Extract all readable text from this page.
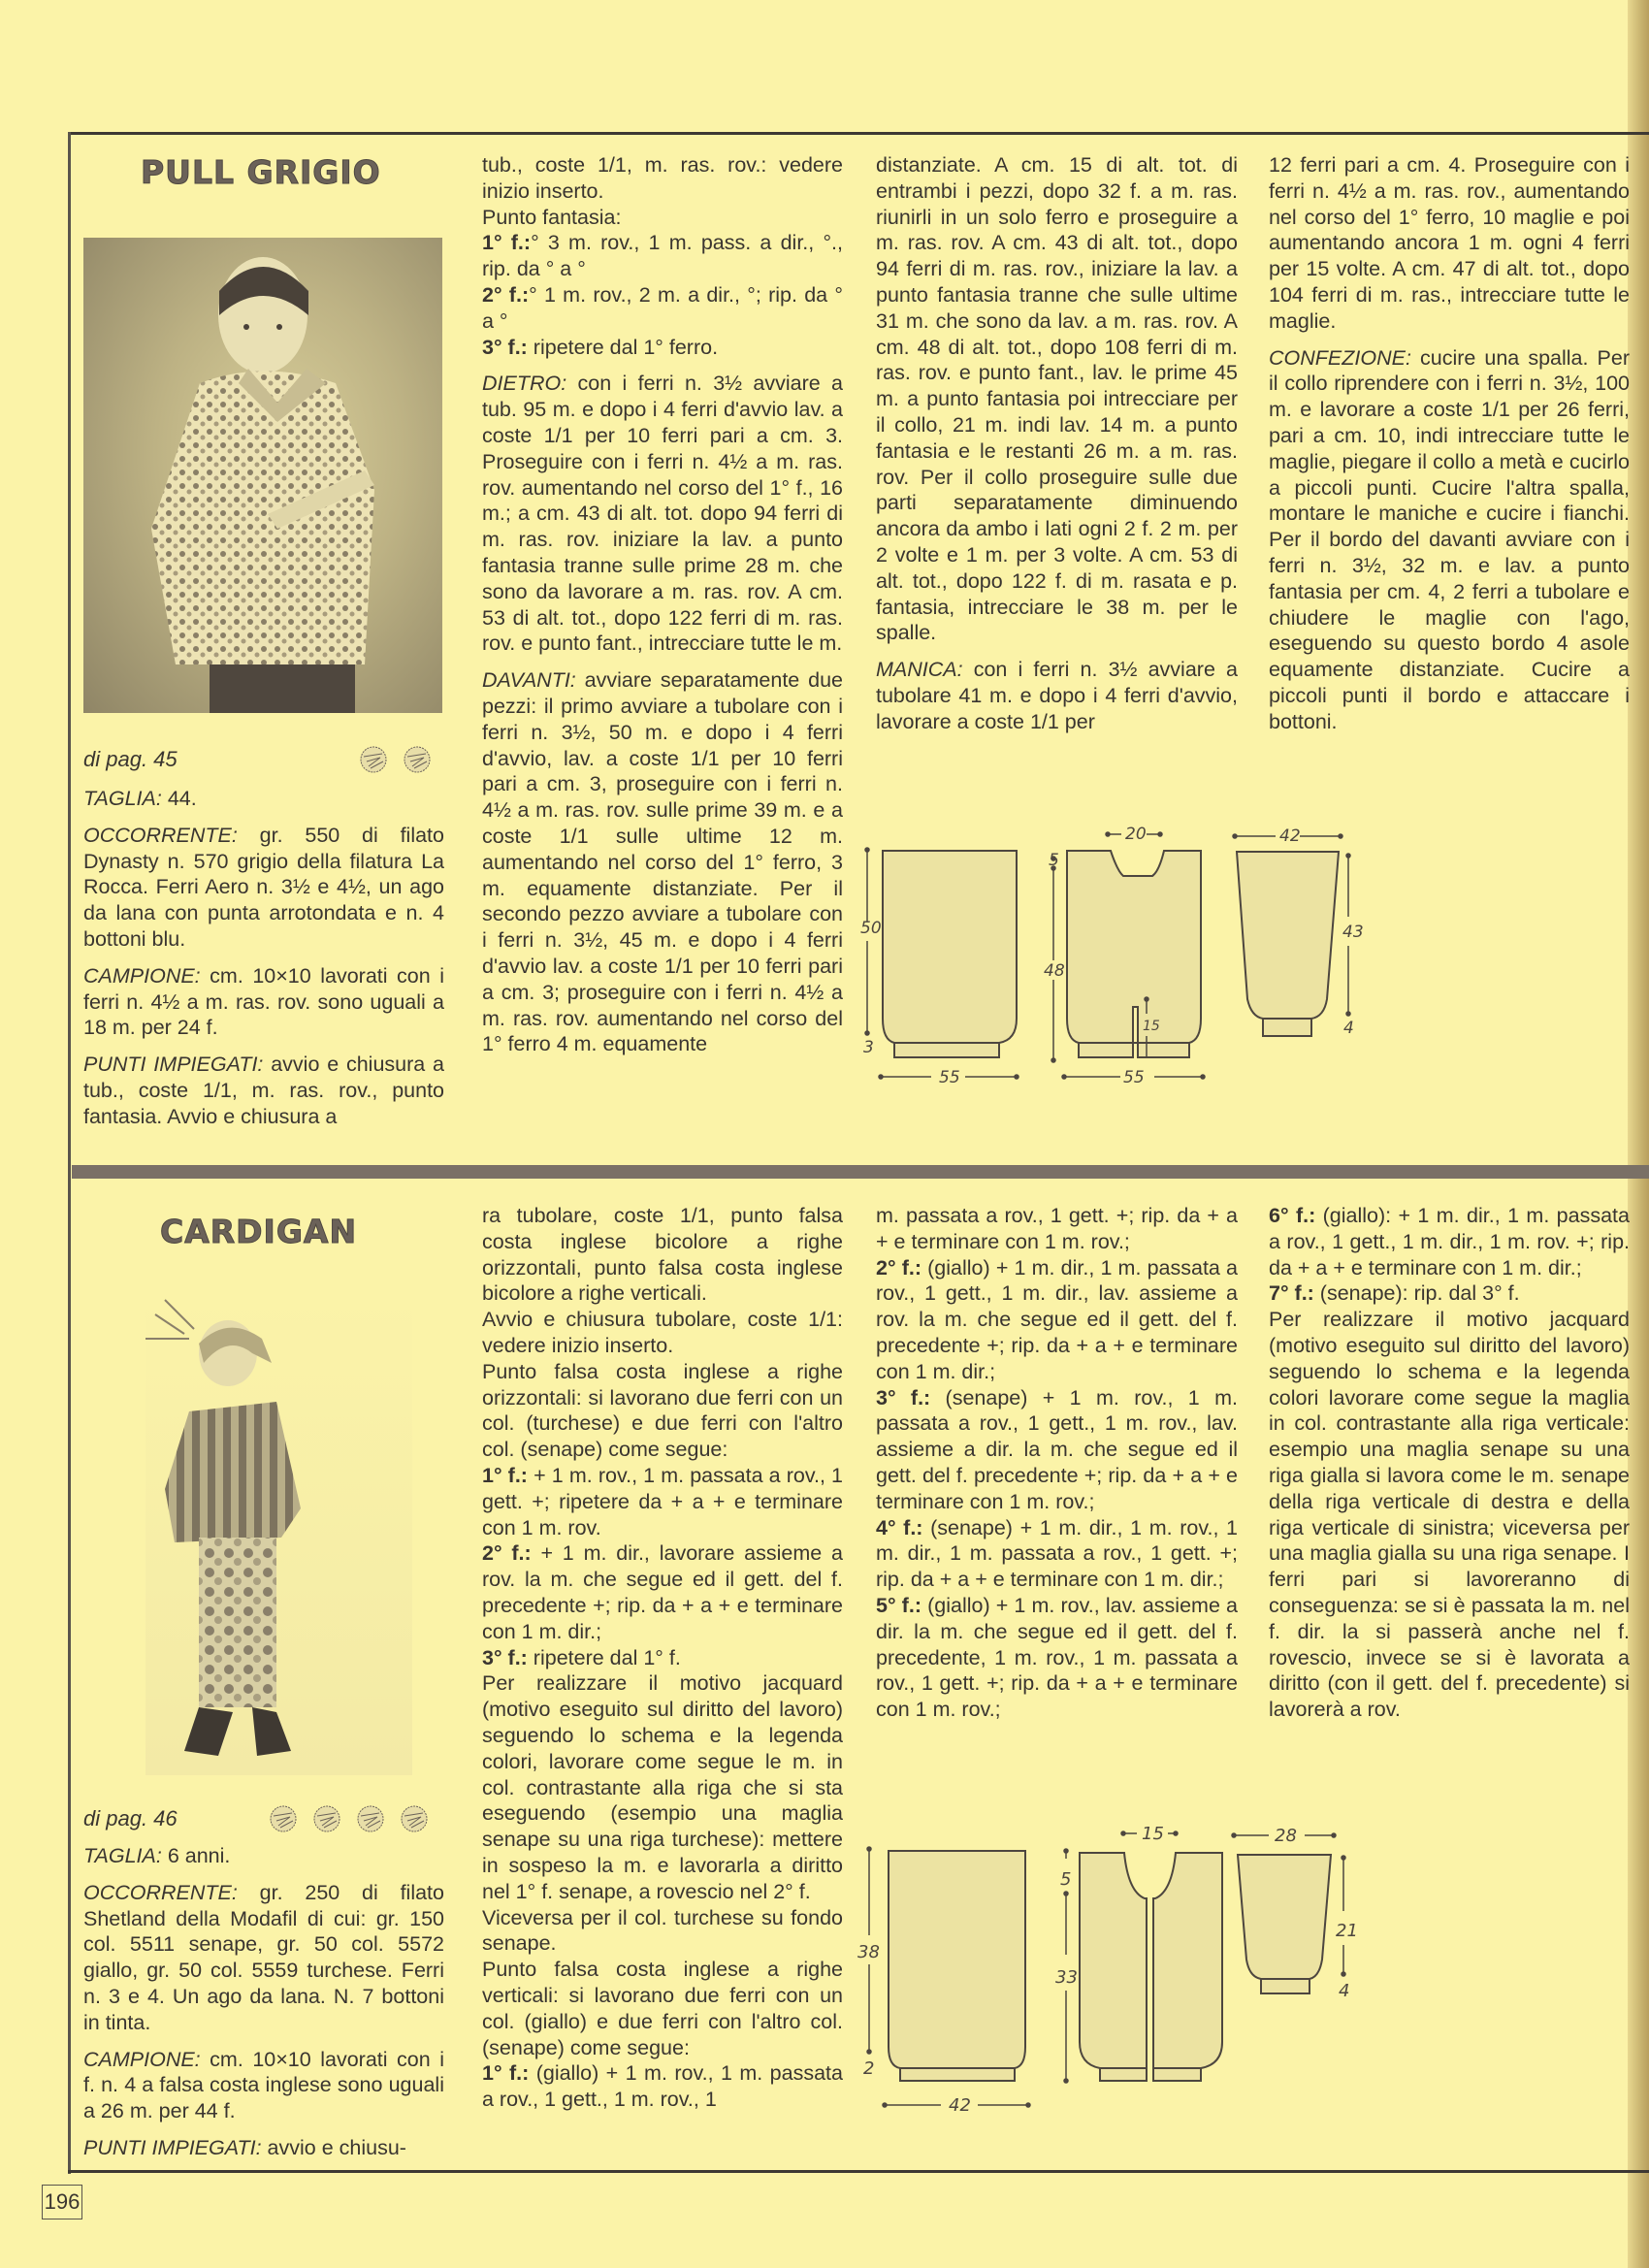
PULL GRIGIO
di pag. 45

TAGLIA: 44.

OCCORRENTE: gr. 550 di filato Dynasty n. 570 grigio della filatura La Rocca. Ferri Aero n. 3½ e 4½, un ago da lana con punta arrotondata e n. 4 bottoni blu.

CAMPIONE: cm. 10×10 lavorati con i ferri n. 4½ a m. ras. rov. sono uguali a 18 m. per 24 f.

PUNTI IMPIEGATI: avvio e chiusura a tub., coste 1/1, m. ras. rov., punto fantasia. Avvio e chiusura a

tub., coste 1/1, m. ras. rov.: vedere inizio inserto.

Punto fantasia:

1° f.:° 3 m. rov., 1 m. pass. a dir., °., rip. da ° a °

2° f.:° 1 m. rov., 2 m. a dir., °; rip. da ° a °

3° f.: ripetere dal 1° ferro.

DIETRO: con i ferri n. 3½ avviare a tub. 95 m. e dopo i 4 ferri d'avvio lav. a coste 1/1 per 10 ferri pari a cm. 3. Proseguire con i ferri n. 4½ a m. ras. rov. aumentando nel corso del 1° f., 16 m.; a cm. 43 di alt. tot. dopo 94 ferri di m. ras. rov. iniziare la lav. a punto fantasia tranne sulle prime 28 m. che sono da lavorare a m. ras. rov. A cm. 53 di alt. tot., dopo 122 ferri di m. ras. rov. e punto fant., intrecciare tutte le m.

DAVANTI: avviare separatamente due pezzi: il primo avviare a tubolare con i ferri n. 3½, 50 m. e dopo i 4 ferri d'avvio, lav. a coste 1/1 per 10 ferri pari a cm. 3, proseguire con i ferri n. 4½ a m. ras. rov. sulle prime 39 m. e a coste 1/1 sulle ultime 12 m. aumentando nel corso del 1° ferro, 3 m. equamente distanziate. Per il secondo pezzo avviare a tubolare con i ferri n. 3½, 45 m. e dopo i 4 ferri d'avvio lav. a coste 1/1 per 10 ferri pari a cm. 3; proseguire con i ferri n. 4½ a m. ras. rov. aumentando nel corso del 1° ferro 4 m. equamente

distanziate. A cm. 15 di alt. tot. di entrambi i pezzi, dopo 32 f. a m. ras. riunirli in un solo ferro e proseguire a m. ras. rov. A cm. 43 di alt. tot., dopo 94 ferri di m. ras. rov., iniziare la lav. a punto fantasia tranne che sulle ultime 31 m. che sono da lav. a m. ras. rov. A cm. 48 di alt. tot., dopo 108 ferri di m. ras. rov. e punto fant., lav. le prime 45 m. a punto fantasia poi intrecciare per il collo, 21 m. indi lav. 14 m. a punto fantasia e le restanti 26 m. a m. ras. rov. Per il collo proseguire sulle due parti separatamente diminuendo ancora da ambo i lati ogni 2 f. 2 m. per 2 volte e 1 m. per 3 volte. A cm. 53 di alt. tot., dopo 122 f. di m. rasata e p. fantasia, intrecciare le 38 m. per le spalle.

MANICA: con i ferri n. 3½ avviare a tubolare 41 m. e dopo i 4 ferri d'avvio, lavorare a coste 1/1 per

12 ferri pari a cm. 4. Proseguire con i ferri n. 4½ a m. ras. rov., aumentando nel corso del 1° ferro, 10 maglie e poi aumentando ancora 1 m. ogni 4 ferri per 15 volte. A cm. 47 di alt. tot., dopo 104 ferri di m. ras., intrecciare tutte le maglie.

CONFEZIONE: cucire una spalla. Per il collo riprendere con i ferri n. 3½, 100 m. e lavorare a coste 1/1 per 26 ferri, pari a cm. 10, indi intrecciare tutte le maglie, piegare il collo a metà e cucirlo a piccoli punti. Cucire l'altra spalla, montare le maniche e cucire i fianchi. Per il bordo del davanti avviare con i ferri n. 3½, 32 m. e lav. a punto fantasia per cm. 4, 2 ferri a tubolare e chiudere le maglie con l'ago, eseguendo su questo bordo 4 asole equamente distanziate. Cucire a piccoli punti il bordo e attaccare i bottoni.

50
3
55
20
5
48
15
55
42
43
4
CARDIGAN
di pag. 46

TAGLIA: 6 anni.

OCCORRENTE: gr. 250 di filato Shetland della Modafil di cui: gr. 150 col. 5511 senape, gr. 50 col. 5572 giallo, gr. 50 col. 5559 turchese. Ferri n. 3 e 4. Un ago da lana. N. 7 bottoni in tinta.

CAMPIONE: cm. 10×10 lavorati con i f. n. 4 a falsa costa inglese sono uguali a 26 m. per 44 f.

PUNTI IMPIEGATI: avvio e chiusu-

ra tubolare, coste 1/1, punto falsa costa inglese bicolore a righe orizzontali, punto falsa costa inglese bicolore a righe verticali.

Avvio e chiusura tubolare, coste 1/1: vedere inizio inserto.

Punto falsa costa inglese a righe orizzontali: si lavorano due ferri con un col. (turchese) e due ferri con l'altro col. (senape) come segue:

1° f.: + 1 m. rov., 1 m. passata a rov., 1 gett. +; ripetere da + a + e terminare con 1 m. rov.

2° f.: + 1 m. dir., lavorare assieme a rov. la m. che segue ed il gett. del f. precedente +; rip. da + a + e terminare con 1 m. dir.;

3° f.: ripetere dal 1° f.

Per realizzare il motivo jacquard (motivo eseguito sul diritto del lavoro) seguendo lo schema e la legenda colori, lavorare come segue le m. in col. contrastante alla riga che si sta eseguendo (esempio una maglia senape su una riga turchese): mettere in sospeso la m. e lavorarla a diritto nel 1° f. senape, a rovescio nel 2° f.

Viceversa per il col. turchese su fondo senape.

Punto falsa costa inglese a righe verticali: si lavorano due ferri con un col. (giallo) e due ferri con l'altro col. (senape) come segue:

1° f.: (giallo) + 1 m. rov., 1 m. passata a rov., 1 gett., 1 m. rov., 1

m. passata a rov., 1 gett. +; rip. da + a + e terminare con 1 m. rov.;

2° f.: (giallo) + 1 m. dir., 1 m. passata a rov., 1 gett., 1 m. dir., lav. assieme a rov. la m. che segue ed il gett. del f. precedente +; rip. da + a + e terminare con 1 m. dir.;

3° f.: (senape) + 1 m. rov., 1 m. passata a rov., 1 gett., 1 m. rov., lav. assieme a dir. la m. che segue ed il gett. del f. precedente +; rip. da + a + e terminare con 1 m. rov.;

4° f.: (senape) + 1 m. dir., 1 m. rov., 1 m. dir., 1 m. passata a rov., 1 gett. +; rip. da + a + e terminare con 1 m. dir.;

5° f.: (giallo) + 1 m. rov., lav. assieme a dir. la m. che segue ed il gett. del f. precedente, 1 m. rov., 1 m. passata a rov., 1 gett. +; rip. da + a + e terminare con 1 m. rov.;

6° f.: (giallo): + 1 m. dir., 1 m. passata a rov., 1 gett., 1 m. dir., 1 m. rov. +; rip. da + a + e terminare con 1 m. dir.;

7° f.: (senape): rip. dal 3° f.

Per realizzare il motivo jacquard (motivo eseguito sul diritto del lavoro) seguendo lo schema e la legenda colori lavorare come segue la maglia in col. contrastante alla riga verticale: esempio una maglia senape su una riga gialla si lavora come le m. senape della riga verticale di destra e della riga verticale di sinistra; viceversa per una maglia gialla su una riga senape. I ferri pari si lavoreranno di conseguenza: se si è passata la m. nel f. dir. la si passerà anche nel f. rovescio, invece se si è lavorata a diritto (con il gett. del f. precedente) si lavorerà a rov.

38
2
42
15
5
33
28
21
4
196
